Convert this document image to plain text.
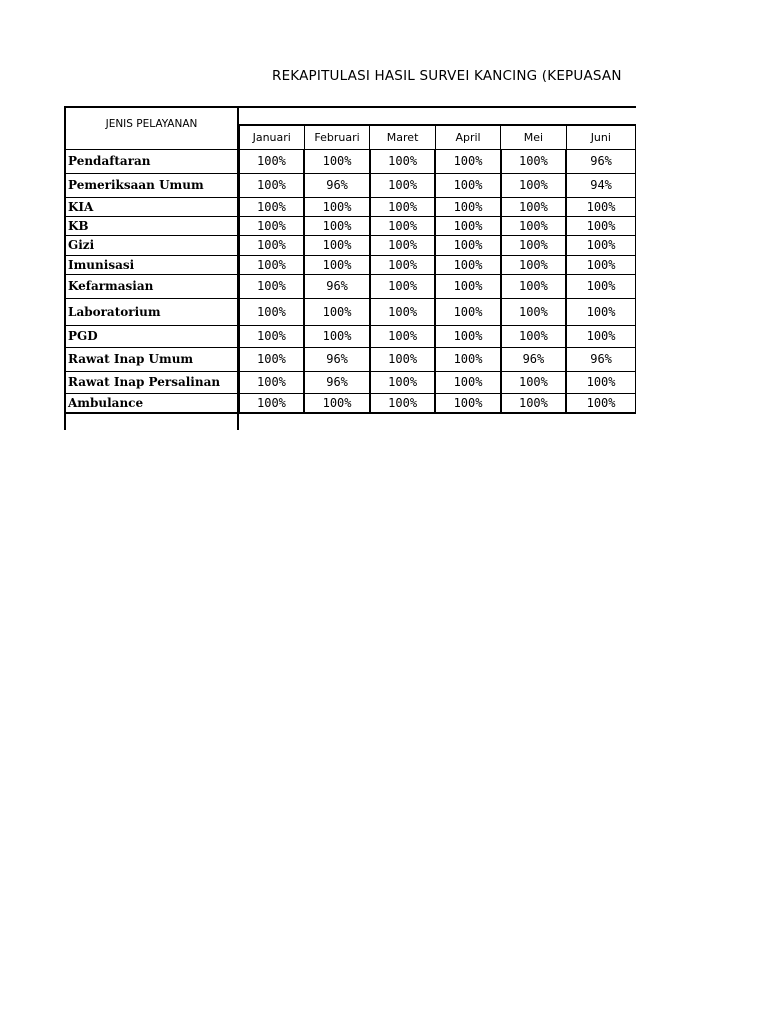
REKAPITULASI HASIL SURVEI KANCING (KEPUASAN
JENIS PELAYANAN
	Januari	Februari	Maret	April	Mei	Juni
Pendaftaran	100%	100%	100%	100%	100%	96%
Pemeriksaan Umum	100%	96%	100%	100%	100%	94%
KIA	100%	100%	100%	100%	100%	100%
KB	100%	100%	100%	100%	100%	100%
Gizi	100%	100%	100%	100%	100%	100%
Imunisasi	100%	100%	100%	100%	100%	100%
Kefarmasian	100%	96%	100%	100%	100%	100%
Laboratorium	100%	100%	100%	100%	100%	100%
PGD	100%	100%	100%	100%	100%	100%
Rawat Inap Umum	100%	96%	100%	100%	96%	96%
Rawat Inap Persalinan	100%	96%	100%	100%	100%	100%
Ambulance	100%	100%	100%	100%	100%	100%
